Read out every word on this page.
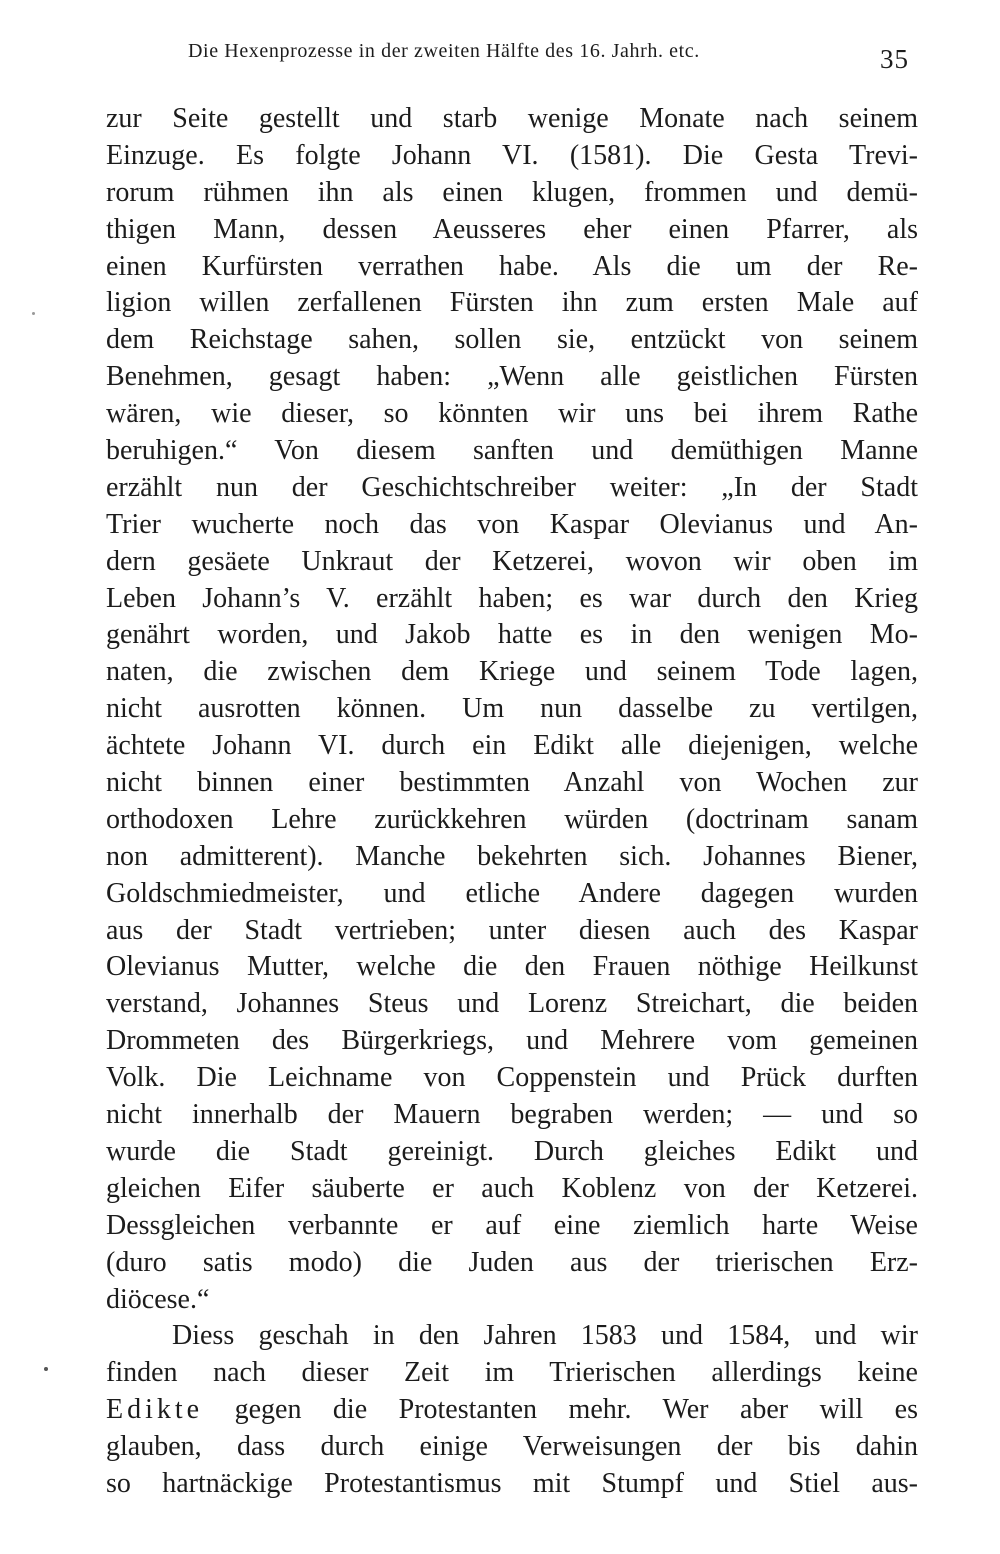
Die Hexenprozesse in der zweiten Hälfte des 16. Jahrh. etc.	35
zur Seite gestellt und starb wenige Monate nach seinem
Einzuge. Es folgte Johann VI. (1581). Die Gesta Trevi-
rorum rühmen ihn als einen klugen, frommen und demü-
thigen Mann, dessen Aeusseres eher einen Pfarrer, als
einen Kurfürsten verrathen habe. Als die um der Re-
ligion willen zerfallenen Fürsten ihn zum ersten Male auf
dem Reichstage sahen, sollen sie, entzückt von seinem
Benehmen, gesagt haben: „Wenn alle geistlichen Fürsten
wären, wie dieser, so könnten wir uns bei ihrem Rathe
beruhigen.“ Von diesem sanften und demüthigen Manne
erzählt nun der Geschichtschreiber weiter: „In der Stadt
Trier wucherte noch das von Kaspar Olevianus und An-
dern gesäete Unkraut der Ketzerei, wovon wir oben im
Leben Johann’s V. erzählt haben; es war durch den Krieg
genährt worden, und Jakob hatte es in den wenigen Mo-
naten, die zwischen dem Kriege und seinem Tode lagen,
nicht ausrotten können. Um nun dasselbe zu vertilgen,
ächtete Johann VI. durch ein Edikt alle diejenigen, welche
nicht binnen einer bestimmten Anzahl von Wochen zur
orthodoxen Lehre zurückkehren würden (doctrinam sanam
non admitterent). Manche bekehrten sich. Johannes Biener,
Goldschmiedmeister, und etliche Andere dagegen wurden
aus der Stadt vertrieben; unter diesen auch des Kaspar
Olevianus Mutter, welche die den Frauen nöthige Heilkunst
verstand, Johannes Steus und Lorenz Streichart, die beiden
Drommeten des Bürgerkriegs, und Mehrere vom gemeinen
Volk. Die Leichname von Coppenstein und Prück durften
nicht innerhalb der Mauern begraben werden; — und so
wurde die Stadt gereinigt. Durch gleiches Edikt und
gleichen Eifer säuberte er auch Koblenz von der Ketzerei.
Dessgleichen verbannte er auf eine ziemlich harte Weise
(duro satis modo) die Juden aus der trierischen Erz-
diöcese.“
Diess geschah in den Jahren 1583 und 1584, und wir
finden nach dieser Zeit im Trierischen allerdings keine
Edikte gegen die Protestanten mehr. Wer aber will es
glauben, dass durch einige Verweisungen der bis dahin
so hartnäckige Protestantismus mit Stumpf und Stiel aus-
